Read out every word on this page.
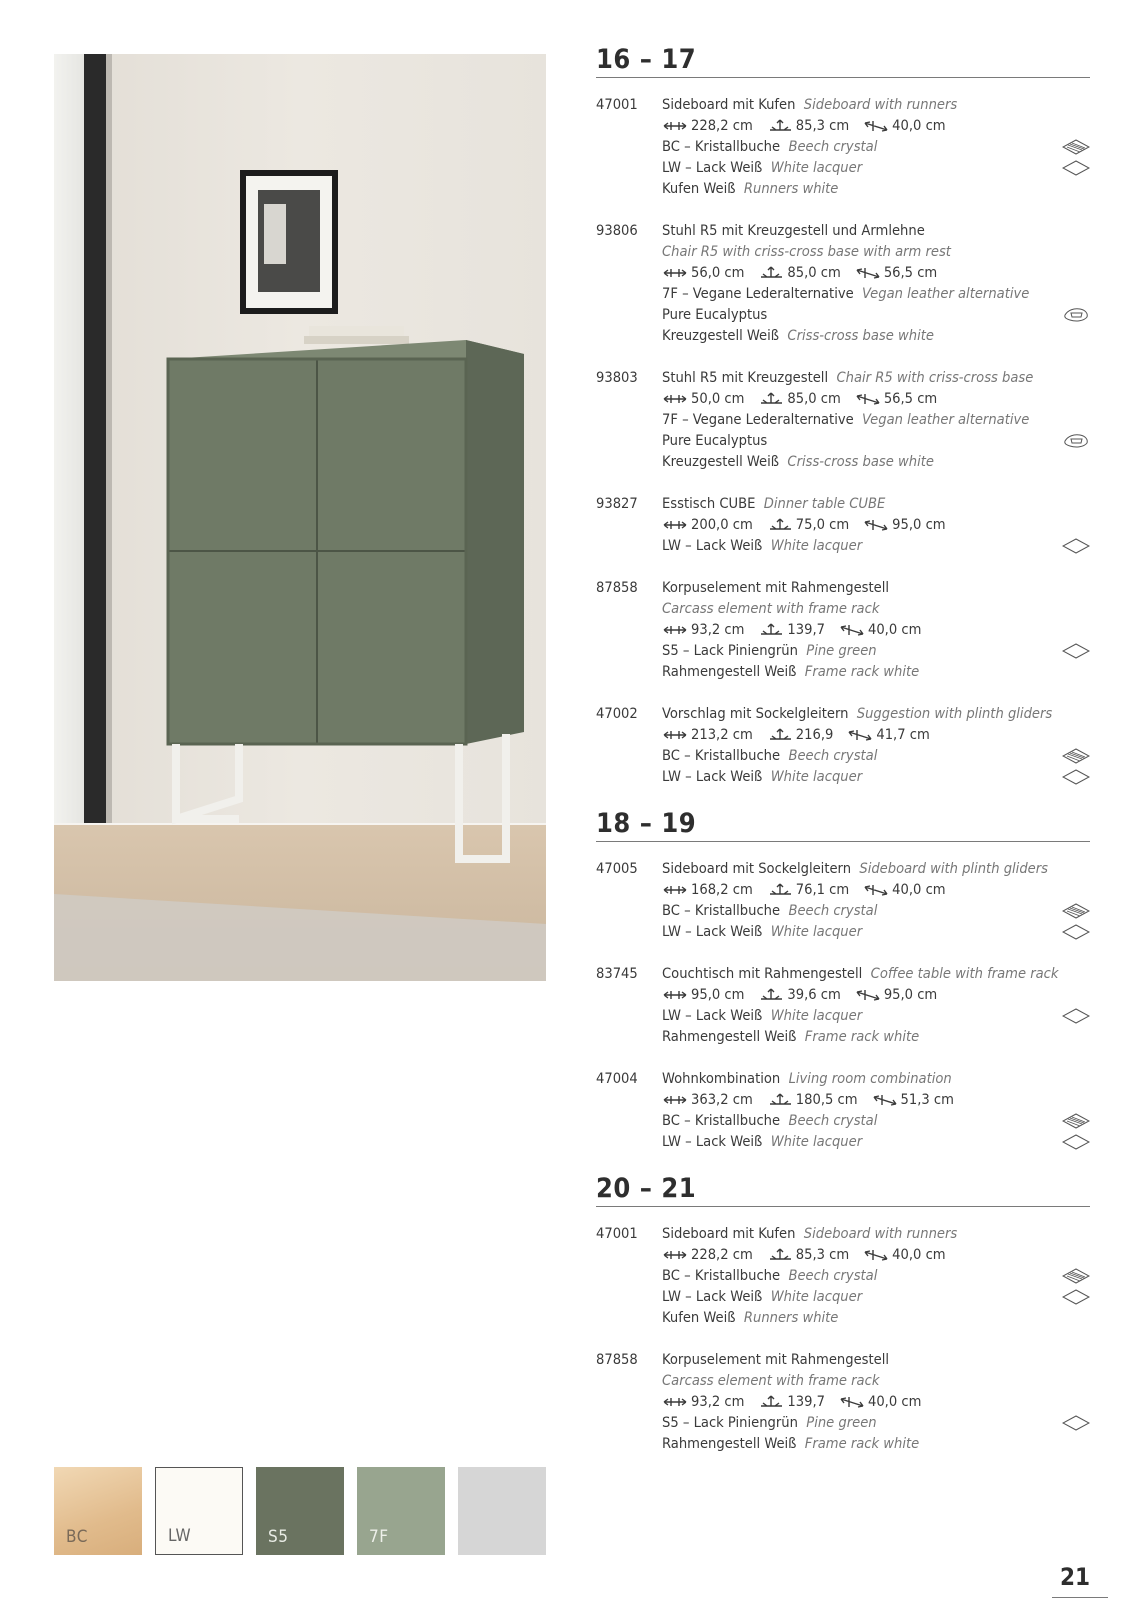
BC	LW	S5	7F
16 – 17
47001	Sideboard mit Kufen Sideboard with runners
228,2 cm	85,3 cm	40,0 cm
BC – Kristallbuche Beech crystal
LW – Lack Weiß White lacquer
Kufen Weiß Runners white
93806	Stuhl R5 mit Kreuzgestell und Armlehne
Chair R5 with criss-cross base with arm rest
56,0 cm	85,0 cm	56,5 cm
7F – Vegane Lederalternative Vegan leather alternative
Pure Eucalyptus
Kreuzgestell Weiß Criss-cross base white
93803	Stuhl R5 mit Kreuzgestell Chair R5 with criss-cross base
50,0 cm	85,0 cm	56,5 cm
7F – Vegane Lederalternative Vegan leather alternative
Pure Eucalyptus
Kreuzgestell Weiß Criss-cross base white
93827	Esstisch CUBE Dinner table CUBE
200,0 cm	75,0 cm	95,0 cm
LW – Lack Weiß White lacquer
87858	Korpuselement mit Rahmengestell
Carcass element with frame rack
93,2 cm	139,7	40,0 cm
S5 – Lack Piniengrün Pine green
Rahmengestell Weiß Frame rack white
47002	Vorschlag mit Sockelgleitern Suggestion with plinth gliders
213,2 cm	216,9	41,7 cm
BC – Kristallbuche Beech crystal
LW – Lack Weiß White lacquer
18 – 19
47005	Sideboard mit Sockelgleitern Sideboard with plinth gliders
168,2 cm	76,1 cm	40,0 cm
BC – Kristallbuche Beech crystal
LW – Lack Weiß White lacquer
83745	Couchtisch mit Rahmengestell Coffee table with frame rack
95,0 cm	39,6 cm	95,0 cm
LW – Lack Weiß White lacquer
Rahmengestell Weiß Frame rack white
47004	Wohnkombination Living room combination
363,2 cm	180,5 cm	51,3 cm
BC – Kristallbuche Beech crystal
LW – Lack Weiß White lacquer
20 – 21
47001	Sideboard mit Kufen Sideboard with runners
228,2 cm	85,3 cm	40,0 cm
BC – Kristallbuche Beech crystal
LW – Lack Weiß White lacquer
Kufen Weiß Runners white
87858	Korpuselement mit Rahmengestell
Carcass element with frame rack
93,2 cm	139,7	40,0 cm
S5 – Lack Piniengrün Pine green
Rahmengestell Weiß Frame rack white
21
